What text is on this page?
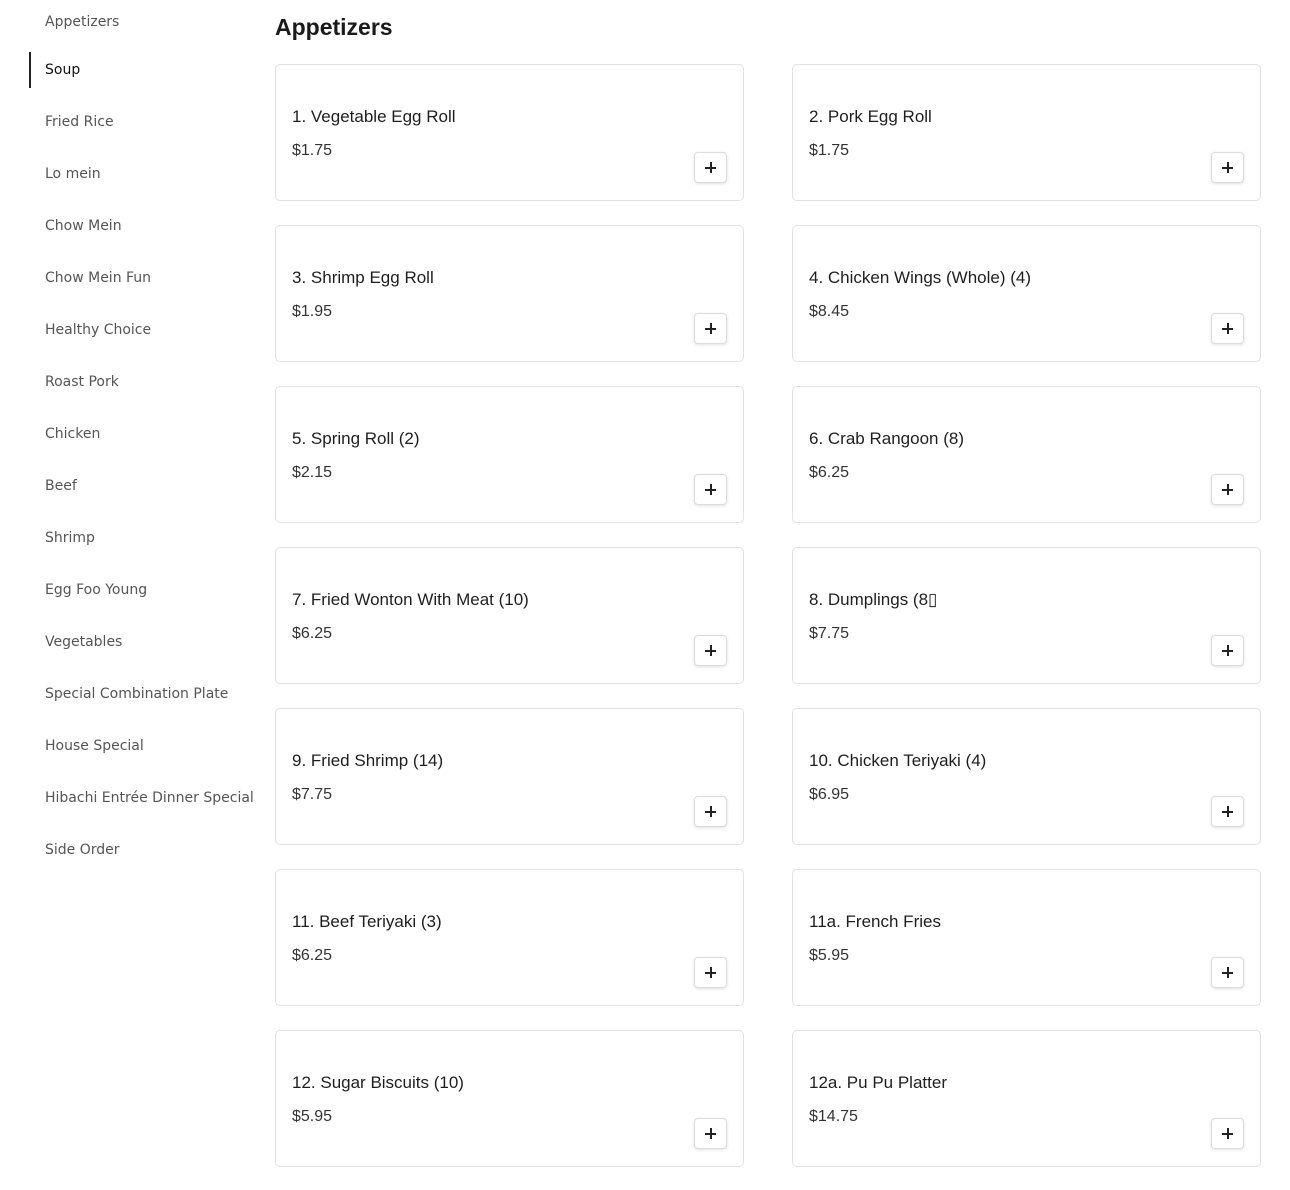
Appetizers
Soup
Fried Rice
Lo mein
Chow Mein
Chow Mein Fun
Healthy Choice
Roast Pork
Chicken
Beef
Shrimp
Egg Foo Young
Vegetables
Special Combination Plate
House Special
Hibachi Entrée Dinner Special
Side Order
Appetizers
1. Vegetable Egg Roll
$1.75
2. Pork Egg Roll
$1.75
3. Shrimp Egg Roll
$1.95
4. Chicken Wings (Whole) (4)
$8.45
5. Spring Roll (2)
$2.15
6. Crab Rangoon (8)
$6.25
7. Fried Wonton With Meat (10)
$6.25
8. Dumplings (8▯
$7.75
9. Fried Shrimp (14)
$7.75
10. Chicken Teriyaki (4)
$6.95
11. Beef Teriyaki (3)
$6.25
11a. French Fries
$5.95
12. Sugar Biscuits (10)
$5.95
12a. Pu Pu Platter
$14.75
